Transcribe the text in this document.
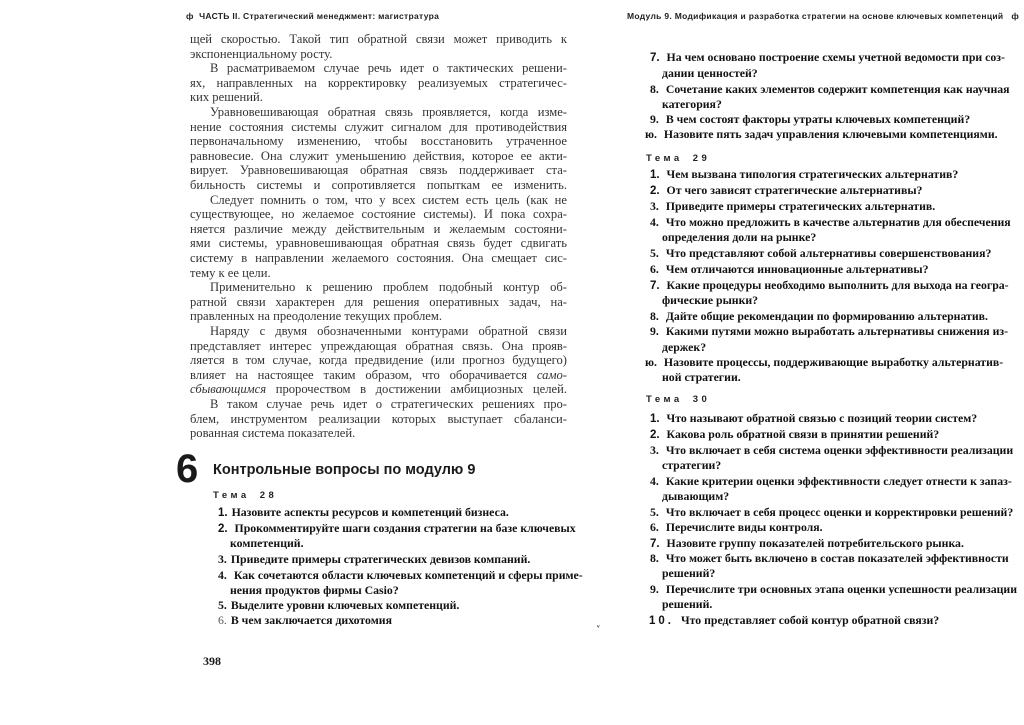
ф ЧАСТЬ II. Стратегический менеджмент: магистратура
щей скоростью. Такой тип обратной связи может приводить к
экспоненциальному росту.
В расматриваемом случае речь идет о тактических решени-
ях, направленных на корректировку реализуемых стратегичес-
ких решений.
Уравновешивающая обратная связь проявляется, когда изме-
нение состояния системы служит сигналом для противодействия
первоначальному изменению, чтобы восстановить утраченное
равновесие. Она служит уменьшению действия, которое ее акти-
вирует. Уравновешивающая обратная связь поддерживает ста-
бильность системы и сопротивляется попыткам ее изменить.
Следует помнить о том, что у всех систем есть цель (как не
существующее, но желаемое состояние системы). И пока сохра-
няется различие между действительным и желаемым состояни-
ями системы, уравновешивающая обратная связь будет сдвигать
систему в направлении желаемого состояния. Она смещает сис-
тему к ее цели.
Применительно к решению проблем подобный контур об-
ратной связи характерен для решения оперативных задач, на-
правленных на преодоление текущих проблем.
Наряду с двумя обозначенными контурами обратной связи
представляет интерес упреждающая обратная связь. Она прояв-
ляется в том случае, когда предвидение (или прогноз будущего)
влияет на настоящее таким образом, что оборачивается само-
сбывающимся пророчеством в достижении амбициозных целей.
В таком случае речь идет о стратегических решениях про-
блем, инструментом реализации которых выступает сбаланси-
рованная система показателей.
6 Контрольные вопросы по модулю 9
Тема 28
1. Назовите аспекты ресурсов и компетенций бизнеса.
2. Прокомментируйте шаги создания стратегии на базе ключевых
компетенций.
3. Приведите примеры стратегических девизов компаний.
4. Как сочетаются области ключевых компетенций и сферы приме-
нения продуктов фирмы Casio?
5. Выделите уровни ключевых компетенций.
6. В чем заключается дихотомия
398
Модуль 9. Модификация и разработка стратегии на основе ключевых компетенций ф
7. На чем основано построение схемы учетной ведомости при соз-
дании ценностей?
8. Сочетание каких элементов содержит компетенция как научная
категория?
9. В чем состоят факторы утраты ключевых компетенций?
ю. Назовите пять задач управления ключевыми компетенциями.
Тема 29
1. Чем вызвана типология стратегических альтернатив?
2. От чего зависят стратегические альтернативы?
3. Приведите примеры стратегических альтернатив.
4. Что можно предложить в качестве альтернатив для обеспечения
определения доли на рынке?
5. Что представляют собой альтернативы совершенствования?
6. Чем отличаются инновационные альтернативы?
7. Какие процедуры необходимо выполнить для выхода на геогра-
фические рынки?
8. Дайте общие рекомендации по формированию альтернатив.
9. Какими путями можно выработать альтернативы снижения из-
держек?
ю. Назовите процессы, поддерживающие выработку альтернатив-
ной стратегии.
Тема 30
1. Что называют обратной связью с позиций теории систем?
2. Какова роль обратной связи в принятии решений?
3. Что включает в себя система оценки эффективности реализации
стратегии?
4. Какие критерии оценки эффективности следует отнести к запаз-
дывающим?
5. Что включает в себя процесс оценки и корректировки решений?
6. Перечислите виды контроля.
7. Назовите группу показателей потребительского рынка.
8. Что может быть включено в состав показателей эффективности
решений?
9. Перечислите три основных этапа оценки успешности реализации
решений.
10. Что представляет собой контур обратной связи?
ˬ
